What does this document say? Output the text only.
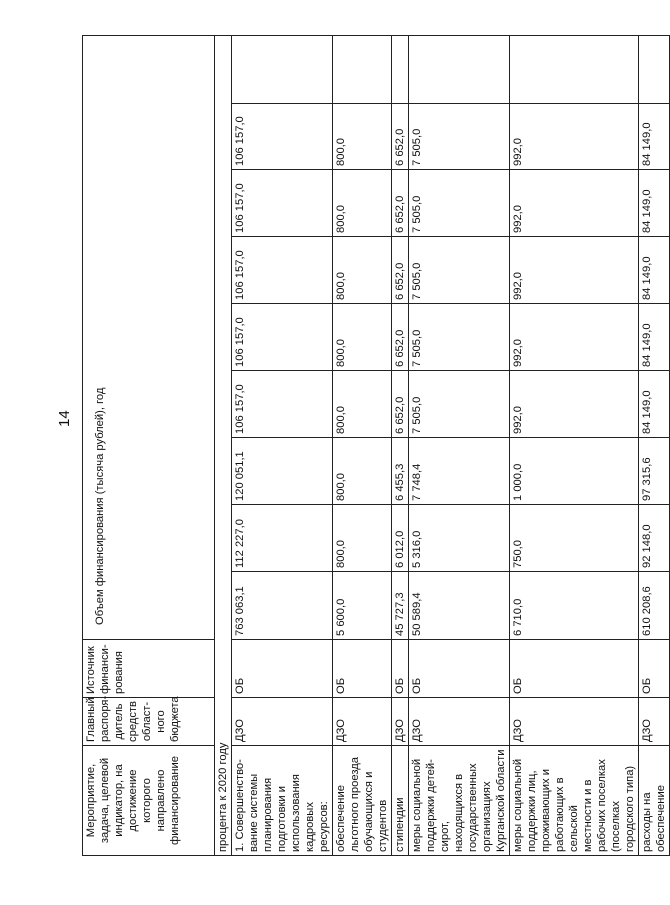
14
Мероприятие, задача, целевой индикатор, на достижение которого направлено финансирование	Главный распоря- дитель средств област- ного бюджета	Источник финанси- рования	Объем финансирования (тысяча рублей), год								
процента к 2020 году											
1. Совершенство- вание системы планирования подготовки и использования кадровых ресурсов:	ДЗО	ОБ	763 063,1	112 227,0	120 051,1	106 157,0	106 157,0	106 157,0	106 157,0	106 157,0	
обеспечение льготного проезда обучающихся и студентов	ДЗО	ОБ	5 600,0	800,0	800,0	800,0	800,0	800,0	800,0	800,0	
стипендии	ДЗО	ОБ	45 727,3	6 012,0	6 455,3	6 652,0	6 652,0	6 652,0	6 652,0	6 652,0	
меры социальной поддержки детей- сирот, находящихся в государственных организациях Курганской области	ДЗО	ОБ	50 589,4	5 316,0	7 748,4	7 505,0	7 505,0	7 505,0	7 505,0	7 505,0	
меры социальной поддержки лиц, проживающих и работающих в сельской местности и в рабочих поселках (поселках городского типа)	ДЗО	ОБ	6 710,0	750,0	1 000,0	992,0	992,0	992,0	992,0	992,0	
расходы на обеспечение	ДЗО	ОБ	610 208,6	92 148,0	97 315,6	84 149,0	84 149,0	84 149,0	84 149,0	84 149,0	
